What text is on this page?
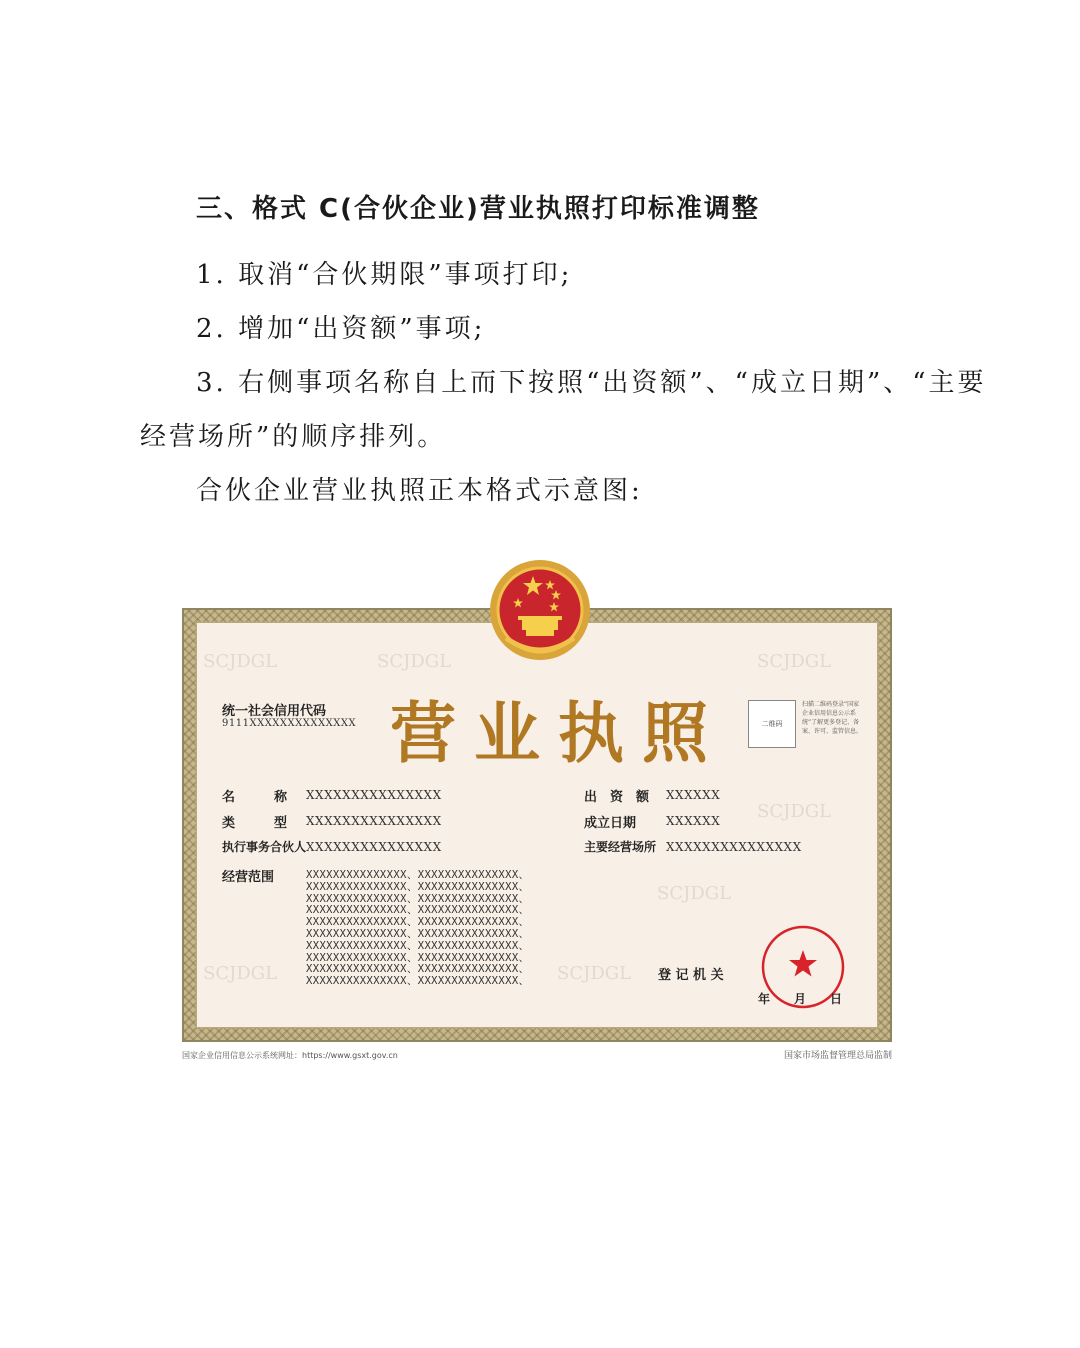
三、格式 C(合伙企业)营业执照打印标准调整
1. 取消“合伙期限”事项打印;
2. 增加“出资额”事项;
3. 右侧事项名称自上而下按照“出资额”、“成立日期”、“主要
经营场所”的顺序排列。
合伙企业营业执照正本格式示意图:
SCJDGL	SCJDGL	SCJDGL
SCJDGL
SCJDGL
SCJDGL	SCJDGL
统一社会信用代码
9111XXXXXXXXXXXXXX 营业执照	二维码
扫描二维码登录“国家企业信用信息公示系统”了解更多登记、备案、许可、监管信息。
名　　　称 XXXXXXXXXXXXXXX
类　　　型 XXXXXXXXXXXXXXX
执行事务合伙人 XXXXXXXXXXXXXXX
经营范围	XXXXXXXXXXXXXXX、XXXXXXXXXXXXXXX、
XXXXXXXXXXXXXXX、XXXXXXXXXXXXXXX、
XXXXXXXXXXXXXXX、XXXXXXXXXXXXXXX、
XXXXXXXXXXXXXXX、XXXXXXXXXXXXXXX、
XXXXXXXXXXXXXXX、XXXXXXXXXXXXXXX、
XXXXXXXXXXXXXXX、XXXXXXXXXXXXXXX、
XXXXXXXXXXXXXXX、XXXXXXXXXXXXXXX、
XXXXXXXXXXXXXXX、XXXXXXXXXXXXXXX、
XXXXXXXXXXXXXXX、XXXXXXXXXXXXXXX、
XXXXXXXXXXXXXXX、XXXXXXXXXXXXXXX、
出　资　额 XXXXXX
成立日期 XXXXXX
主要经营场所 XXXXXXXXXXXXXXX
登 记 机 关
年　　月　　日
国家企业信用信息公示系统网址：https://www.gsxt.gov.cn	国家市场监督管理总局监制
